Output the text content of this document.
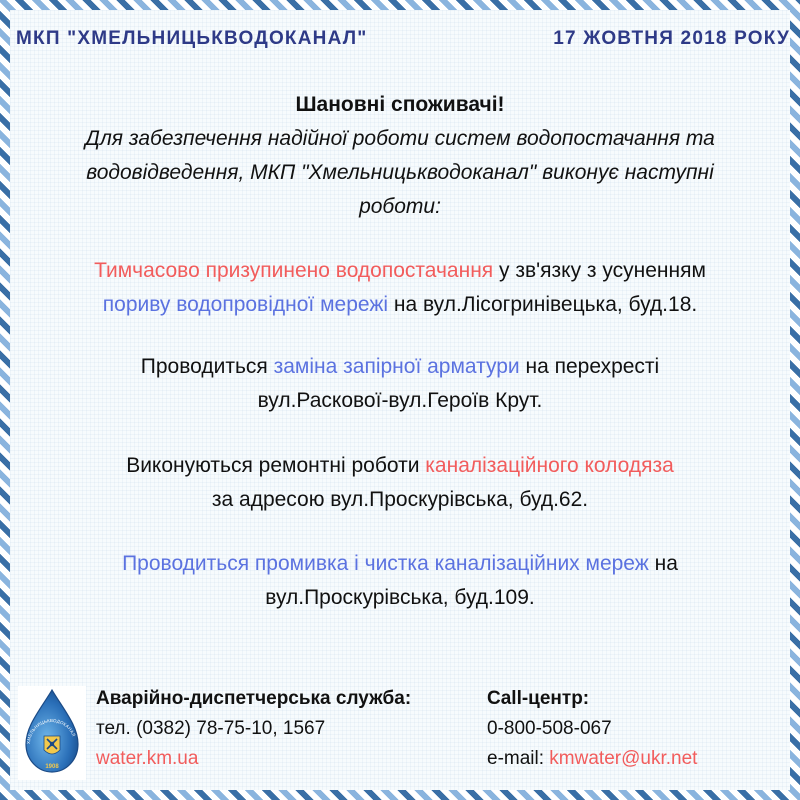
МКП "ХМЕЛЬНИЦЬКВОДОКАНАЛ"	17 ЖОВТНЯ 2018 РОКУ
Шановні споживачі!
Для забезпечення надійної роботи систем водопостачання та
водовідведення, МКП "Хмельницькводоканал" виконує наступні
роботи:
Тимчасово призупинено водопостачання у зв'язку з усуненням
пориву водопровідної мережі на вул.Лісогринівецька, буд.18.
Проводиться заміна запірної арматури на перехресті
вул.Раскової-вул.Героїв Крут.
Виконуються ремонтні роботи каналізаційного колодяза
за адресою вул.Проскурівська, буд.62.
Проводиться промивка і чистка каналізаційних мереж на
вул.Проскурівська, буд.109.
ХМЕЛЬНИЦЬКВОДОКАНАЛ
1908
Аварійно-диспетчерська служба:
тел. (0382) 78-75-10, 1567
water.km.ua
Call-центр:
0-800-508-067
e-mail: kmwater@ukr.net
